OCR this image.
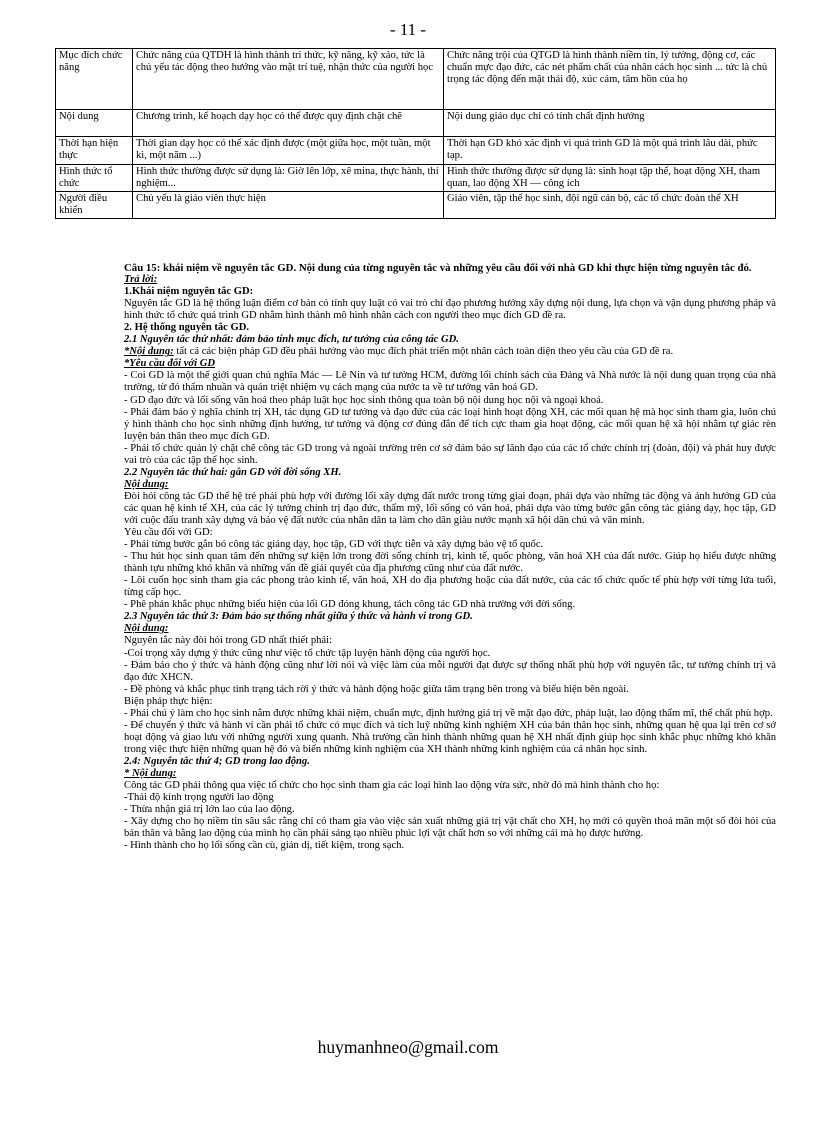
- 11 -
Mục đích chức năng	Chức năng của QTDH là hình thành tri thức, kỹ năng, kỹ xảo, tức là chủ yếu tác động theo hướng vào mặt trí tuệ, nhận thức của người học	Chức năng trội của QTGD là hình thành niềm tin, lý tưởng, động cơ, các chuẩn mực đạo đức, các nét phẩm chất của nhân cách học sinh ... tức là chủ trọng tác động đến mặt thái độ, xúc cảm, tâm hồn của họ
Nội dung	Chương trình, kế hoạch dạy học có thể được quy định chặt chẽ	Nội dung giáo dục chỉ có tính chất định hướng
Thời hạn hiện thực	Thời gian dạy học có thể xác định được (một giữa học, một tuần, một kì, một năm ...)	Thời hạn GD khó xác định vì quá trình GD là một quá trình lâu dài, phức tạp.
Hình thức tổ chức	Hình thức thường được sử dụng là: Giờ lên lớp, xê mina, thực hành, thí nghiệm...	Hình thức thường được sử dụng là: sinh hoạt tập thể, hoạt động XH, tham quan, lao động XH — công ích
Người điều khiển	Chủ yếu là giáo viên thực hiện	Giáo viên, tập thể học sinh, đội ngũ cán bộ, các tổ chức đoàn thể XH

Câu 15: khái niệm về nguyên tắc GD. Nội dung của từng nguyên tắc và những yêu cầu đối với nhà GD khi thực hiện từng nguyên tắc đó.

Trả lời:

1.Khái niệm nguyên tắc GD:

Nguyên tắc GD là hệ thống luận điểm cơ bản có tính quy luật có vai trò chỉ đạo phương hướng xây dựng nội dung, lựa chọn và vận dụng phương pháp và hình thức tổ chức quá trình GD nhằm hình thành mô hình nhân cách con người theo mục đích GD đề ra.

2. Hệ thống nguyên tắc GD.

2.1 Nguyên tắc thứ nhất: đảm bảo tính mục đích, tư tưởng của công tác GD.

*Nội dung: tất cả các biện pháp GD đều phải hướng vào mục đích phát triển một nhân cách toàn diện theo yêu cầu của GD đề ra.

*Yêu cầu đối với GD

- Coi GD là một thế giới quan chủ nghĩa Mác — Lê Nin và tư tưởng HCM, đường lối chính sách của Đảng và Nhà nước là nội dung quan trọng của nhà trường, từ đó thấm nhuần và quán triệt nhiệm vụ cách mạng của nước ta về tư tưởng văn hoá GD.

- GD đạo đức và lối sống văn hoá theo pháp luật học học sinh thông qua toàn bộ nội dung học nội và ngoại khoá.

- Phải đảm bảo ý nghĩa chính trị XH, tác dụng GD tư tưởng và đạo đức của các loại hình hoạt động XH, các mối quan hệ mà học sinh tham gia, luôn chú ý hình thành cho học sinh những định hướng, tư tưởng và động cơ đúng đắn để tích cực tham gia hoạt động, các mối quan hệ xã hội nhằm tự giác rèn luyện bản thân theo mục đích GD.

- Phải tổ chức quản lý chặt chẽ công tác GD trong và ngoài trường trên cơ sở đảm bảo sự lãnh đạo của các tổ chức chính trị (đoàn, đội) và phát huy được vai trò của các tập thể học sinh.

2.2 Nguyên tắc thứ hai: gắn GD với đời sống XH.

Nội dung:

Đòi hỏi công tác GD thế hệ trẻ phải phù hợp với đường lối xây dựng đất nước trong từng giai đoạn, phải dựa vào những tác động và ảnh hưởng GD của các quan hệ kinh tế XH, của các lý tưởng chính trị đạo đức, thẩm mỹ, lối sống có văn hoá, phải dựa vào từng bước gắn công tác giảng dạy, học tập, GD với cuộc đấu tranh xây dựng và bảo vệ đất nước của nhân dân ta làm cho dân giàu nước mạnh xã hội dân chủ và văn minh.

Yêu cầu đối với GD:

- Phải từng bước gắn bó công tác giảng dạy, học tập, GD với thực tiễn và xây dựng bảo vệ tổ quốc.

- Thu hút học sinh quan tâm đến những sự kiện lớn trong đời sống chính trị, kinh tế, quốc phòng, văn hoá XH của đất nước. Giúp họ hiểu được những thành tựu những khó khăn và những vấn đề giải quyết của địa phương cũng như của đất nước.

- Lôi cuốn học sinh tham gia các phong trào kinh tế, văn hoá, XH do địa phương hoặc của đất nước, của các tổ chức quốc tế phù hợp với từng lứa tuổi, từng cấp học.

- Phê phán khắc phục những biểu hiện của lối GD đóng khung, tách công tác GD nhà trường với đời sống.

2.3 Nguyên tắc thứ 3: Đảm bảo sự thống nhất giữa ý thức và hành vi trong GD.

Nội dung:

Nguyên tắc này đòi hỏi trong GD nhất thiết phải:

-Coi trọng xây dựng ý thức cũng như việc tổ chức tập luyện hành động của người học.

- Đảm bảo cho ý thức và hành động cũng như lời nói và việc làm của mỗi người đạt được sự thống nhất phù hợp với nguyên tắc, tư tưởng chính trị và đạo đức XHCN.

- Đề phòng và khắc phục tình trạng tách rời ý thức và hành động hoặc giữa tâm trạng bên trong và biểu hiện bên ngoài.

Biện pháp thực hiện:

- Phải chú ý làm cho học sinh nắm được những khái niệm, chuẩn mực, định hướng giá trị về mặt đạo đức, pháp luật, lao động thẩm mĩ, thể chất phù hợp.

- Để chuyển ý thức và hành vi cần phải tổ chức có mục đích và tích luỹ những kinh nghiệm XH của bản thân học sinh, những quan hệ qua lại trên cơ sở hoạt động và giao lưu với những người xung quanh. Nhà trường cần hình thành những quan hệ XH nhất định giúp học sinh khắc phục những khó khăn trong việc thực hiện những quan hệ đó và biến những kinh nghiệm của XH thành những kinh nghiệm của cá nhân học sinh.

2.4: Nguyên tắc thứ 4; GD trong lao động.

* Nội dung:

Công tác GD phải thông qua việc tổ chức cho học sinh tham gia các loại hình lao động vừa sức, nhờ đó mà hình thành cho họ:

-Thái độ kính trọng người lao động

- Thừa nhận giá trị lớn lao của lao động.

- Xây dựng cho họ niềm tin sâu sắc rằng chỉ có tham gia vào việc sản xuất những giá trị vật chất cho XH, họ mới có quyền thoả mãn một số đòi hỏi của bản thân và bằng lao động của mình họ cần phải sáng tạo nhiều phúc lợi vật chất hơn so với những cái mà họ được hưởng.

- Hình thành cho họ lối sống cần cù, giản dị, tiết kiệm, trong sạch.

huymanhneo@gmail.com
